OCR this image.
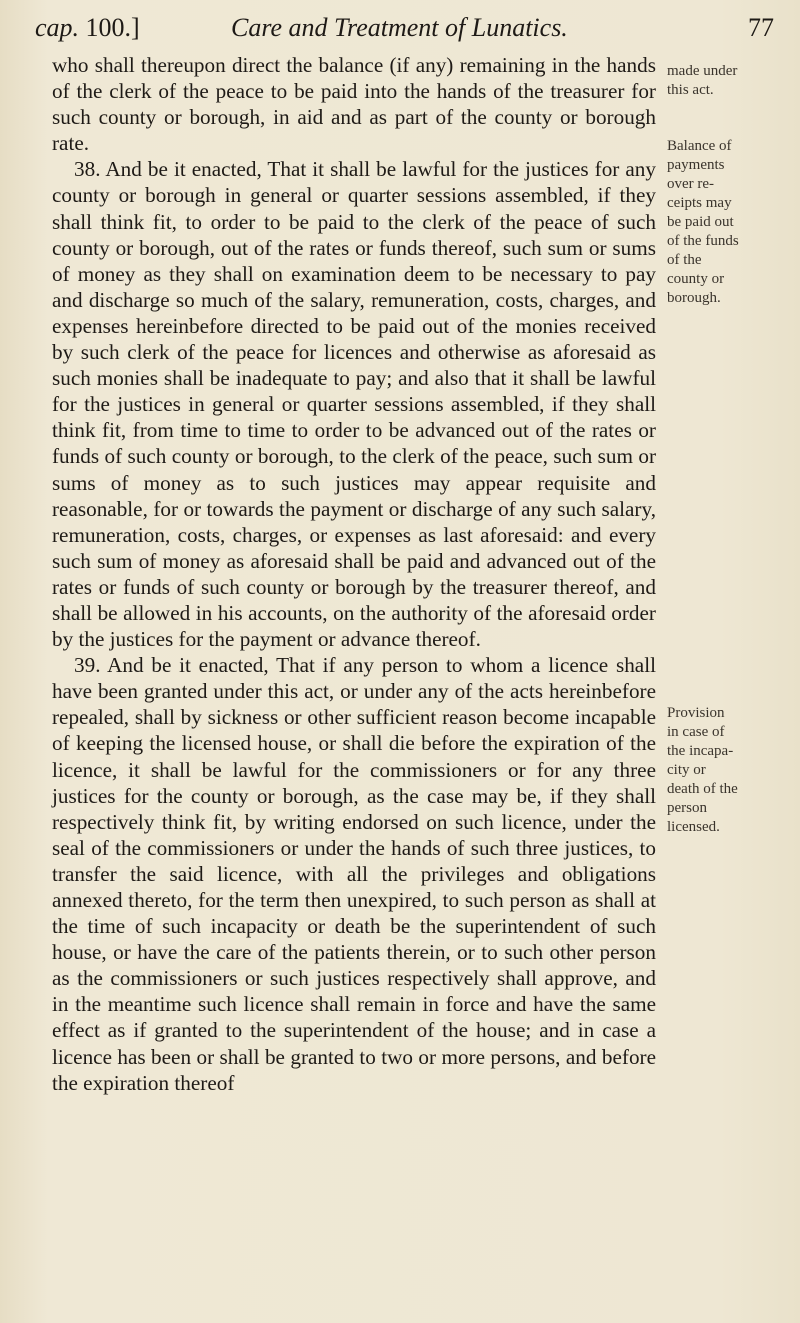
cap. 100.]	Care and Treatment of Lunatics.	77

who shall thereupon direct the balance (if any) remaining in the hands of the clerk of the peace to be paid into the hands of the treasurer for such county or borough, in aid and as part of the county or borough rate.

38. And be it enacted, That it shall be lawful for the justices for any county or borough in general or quarter sessions assembled, if they shall think fit, to order to be paid to the clerk of the peace of such county or borough, out of the rates or funds thereof, such sum or sums of money as they shall on examination deem to be necessary to pay and discharge so much of the salary, remuneration, costs, charges, and expenses hereinbefore directed to be paid out of the monies received by such clerk of the peace for licences and otherwise as aforesaid as such monies shall be inadequate to pay; and also that it shall be lawful for the justices in general or quarter sessions assembled, if they shall think fit, from time to time to order to be advanced out of the rates or funds of such county or borough, to the clerk of the peace, such sum or sums of money as to such justices may appear requisite and reasonable, for or towards the payment or discharge of any such salary, remuneration, costs, charges, or expenses as last aforesaid: and every such sum of money as aforesaid shall be paid and advanced out of the rates or funds of such county or borough by the treasurer thereof, and shall be allowed in his accounts, on the authority of the aforesaid order by the justices for the payment or advance thereof.

39. And be it enacted, That if any person to whom a licence shall have been granted under this act, or under any of the acts hereinbefore repealed, shall by sickness or other sufficient reason become incapable of keeping the licensed house, or shall die before the expiration of the licence, it shall be lawful for the commissioners or for any three justices for the county or borough, as the case may be, if they shall respectively think fit, by writing endorsed on such licence, under the seal of the commissioners or under the hands of such three justices, to transfer the said licence, with all the privileges and obligations annexed thereto, for the term then unexpired, to such person as shall at the time of such incapacity or death be the superintendent of such house, or have the care of the patients therein, or to such other person as the commissioners or such justices respectively shall approve, and in the meantime such licence shall remain in force and have the same effect as if granted to the superintendent of the house; and in case a licence has been or shall be granted to two or more persons, and before the expiration thereof

made under
this act.
Balance of
payments
over re-
ceipts may
be paid out
of the funds
of the
county or
borough.
Provision
in case of
the incapa-
city or
death of the
person
licensed.
